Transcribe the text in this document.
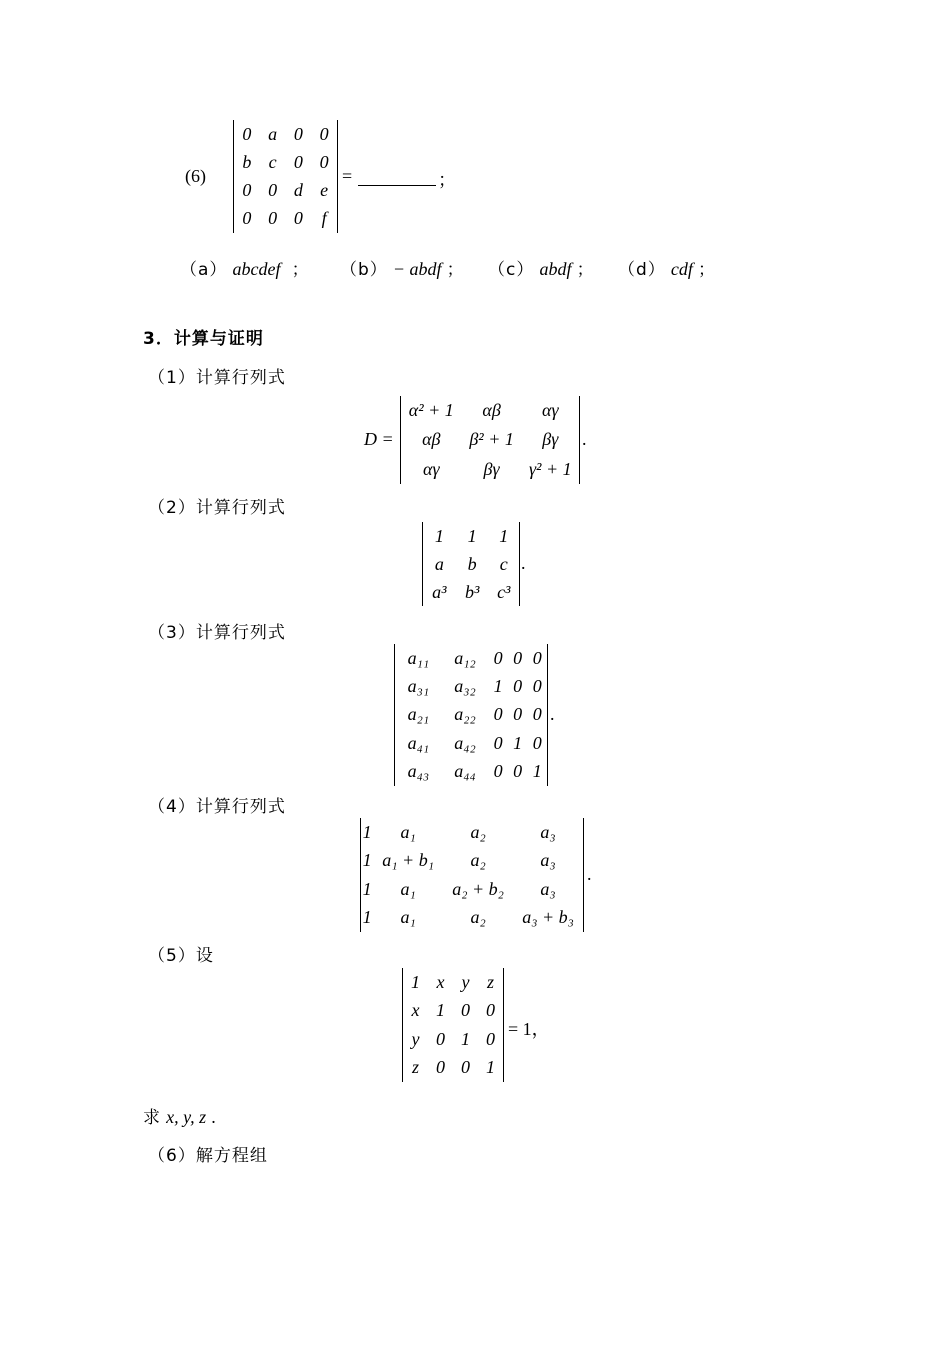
(6)
0	a	0	0
b	c	0	0
0	0	d	e
0	0	0	f
=	；
（a） abcdef ； （b） − abdf ； （c） abdf ； （d） cdf ；
3．计算与证明
（1）计算行列式
D =
α² + 1	αβ	αγ
αβ	β² + 1	βγ
αγ	βγ	γ² + 1
.
（2）计算行列式
1	1	1
a	b	c
a³	b³	c³
.
（3）计算行列式
a₁₁	a₁₂	0	0	0
a₃₁	a₃₂	1	0	0
a₂₁	a₂₂	0	0	0
a₄₁	a₄₂	0	1	0
a₄₃	a₄₄	0	0	1
.
（4）计算行列式
1	a₁	a₂	a₃
1	a₁ + b₁	a₂	a₃
1	a₁	a₂ + b₂	a₃
1	a₁	a₂	a₃ + b₃
.
（5）设
1	x	y	z
x	1	0	0
y	0	1	0
z	0	0	1
= 1，
求 x, y, z .
（6）解方程组
